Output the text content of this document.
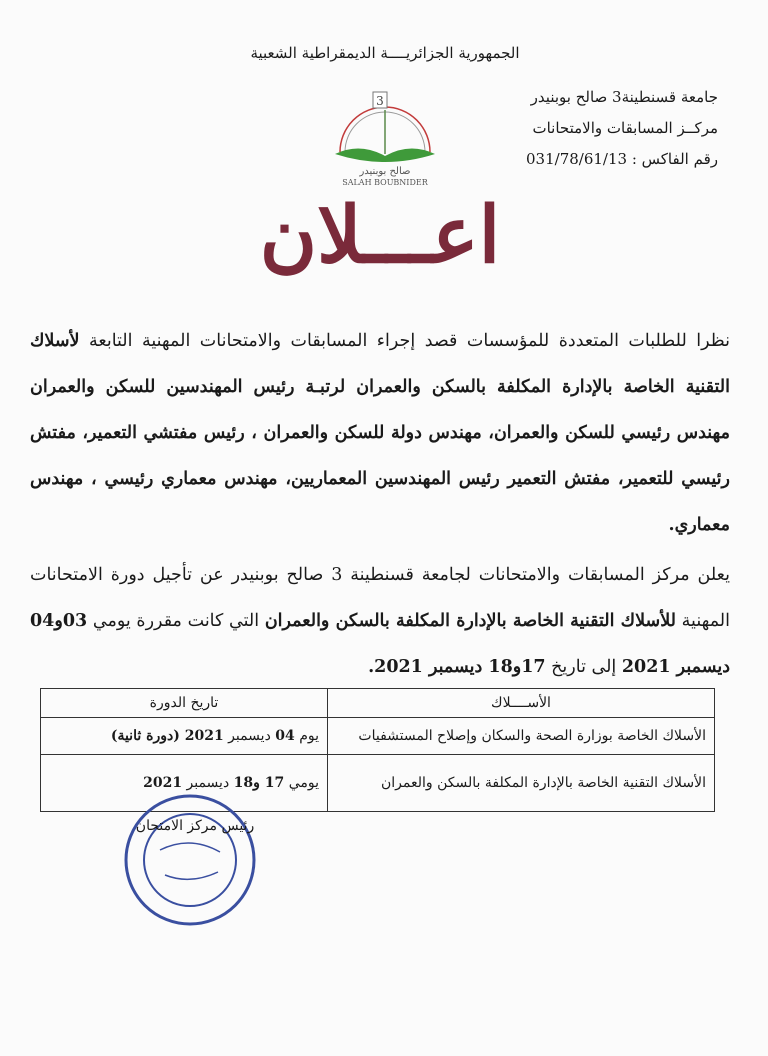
الجمهورية الجزائريــــة الديمقراطية الشعبية
جامعة قسنطينة3 صالح بوبنيدر
مركــز المسابقات والامتحانات
رقم الفاكس : 031/78/61/13
3
صالح بوبنيدر
SALAH BOUBNIDER
اعـــلان
نظرا للطلبات المتعددة للمؤسسات قصد إجراء المسابقات والامتحانات المهنية التابعة لأسلاك التقنية الخاصة بالإدارة المكلفة بالسكن والعمران لرتبـة رئيس المهندسين للسكن والعمران مهندس رئيسي للسكن والعمران، مهندس دولة للسكن والعمران ، رئيس مفتشي التعمير، مفتش رئيسي للتعمير، مفتش التعمير رئيس المهندسين المعماريين، مهندس معماري رئيسي ، مهندس معماري.
يعلن مركز المسابقات والامتحانات لجامعة قسنطينة 3 صالح بوبنيدر عن تأجيل دورة الامتحانات المهنية للأسلاك التقنية الخاصة بالإدارة المكلفة بالسكن والعمران التي كانت مقررة يومي 03و04 ديسمبر 2021 إلى تاريخ 17و18 ديسمبر 2021.
الأســــلاك	تاريخ الدورة
الأسلاك الخاصة بوزارة الصحة والسكان وإصلاح المستشفيات	يوم 04 ديسمبر 2021 (دورة ثانية)
الأسلاك التقنية الخاصة بالإدارة المكلفة بالسكن والعمران	يومي 17 و18 ديسمبر 2021
رئيس مركز الامتحان
